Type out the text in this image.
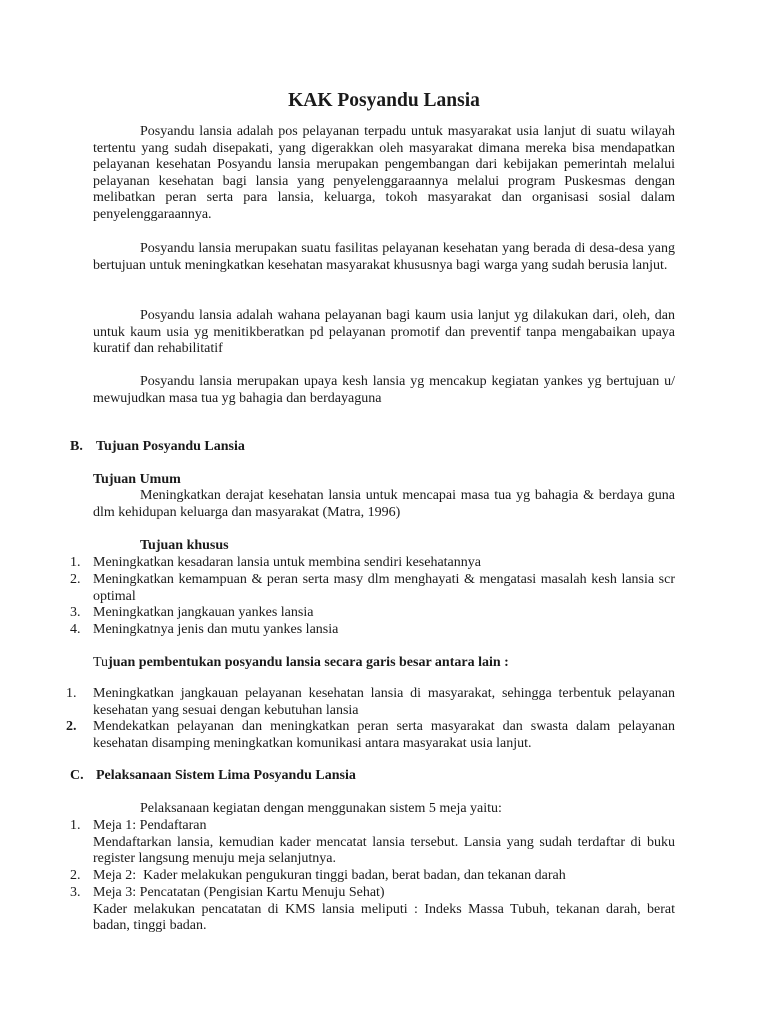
KAK Posyandu Lansia

Posyandu lansia adalah pos pelayanan terpadu untuk masyarakat usia lanjut di suatu wilayah tertentu yang sudah disepakati, yang digerakkan oleh masyarakat dimana mereka bisa mendapatkan pelayanan kesehatan Posyandu lansia merupakan pengembangan dari kebijakan pemerintah melalui pelayanan kesehatan bagi lansia yang penyelenggaraannya melalui program Puskesmas dengan melibatkan peran serta para lansia, keluarga, tokoh masyarakat dan organisasi sosial dalam penyelenggaraannya.

Posyandu lansia merupakan suatu fasilitas pelayanan kesehatan yang berada di desa-desa yang bertujuan untuk meningkatkan kesehatan masyarakat khususnya bagi warga yang sudah berusia lanjut.

Posyandu lansia adalah wahana pelayanan bagi kaum usia lanjut yg dilakukan dari, oleh, dan untuk kaum usia yg menitikberatkan pd pelayanan promotif dan preventif tanpa mengabaikan upaya kuratif dan rehabilitatif

Posyandu lansia merupakan upaya kesh lansia yg mencakup kegiatan yankes yg bertujuan u/ mewujudkan masa tua yg bahagia dan berdayaguna

B. Tujuan Posyandu Lansia

Tujuan Umum

Meningkatkan derajat kesehatan lansia untuk mencapai masa tua yg bahagia & berdaya guna dlm kehidupan keluarga dan masyarakat (Matra, 1996)

Tujuan khusus

1. Meningkatkan kesadaran lansia untuk membina sendiri kesehatannya
2. Meningkatkan kemampuan & peran serta masy dlm menghayati & mengatasi masalah kesh lansia scr optimal
3. Meningkatkan jangkauan yankes lansia
4. Meningkatnya jenis dan mutu yankes lansia

Tujuan pembentukan posyandu lansia secara garis besar antara lain :

1. Meningkatkan jangkauan pelayanan kesehatan lansia di masyarakat, sehingga terbentuk pelayanan kesehatan yang sesuai dengan kebutuhan lansia
2. Mendekatkan pelayanan dan meningkatkan peran serta masyarakat dan swasta dalam pelayanan kesehatan disamping meningkatkan komunikasi antara masyarakat usia lanjut.

C. Pelaksanaan Sistem Lima Posyandu Lansia

Pelaksanaan kegiatan dengan menggunakan sistem 5 meja yaitu:

1. Meja 1: Pendaftaran
Mendaftarkan lansia, kemudian kader mencatat lansia tersebut. Lansia yang sudah terdaftar di buku register langsung menuju meja selanjutnya.
2. Meja 2:  Kader melakukan pengukuran tinggi badan, berat badan, dan tekanan darah
3. Meja 3: Pencatatan (Pengisian Kartu Menuju Sehat)
Kader melakukan pencatatan di KMS lansia meliputi : Indeks Massa Tubuh, tekanan darah, berat badan, tinggi badan.
